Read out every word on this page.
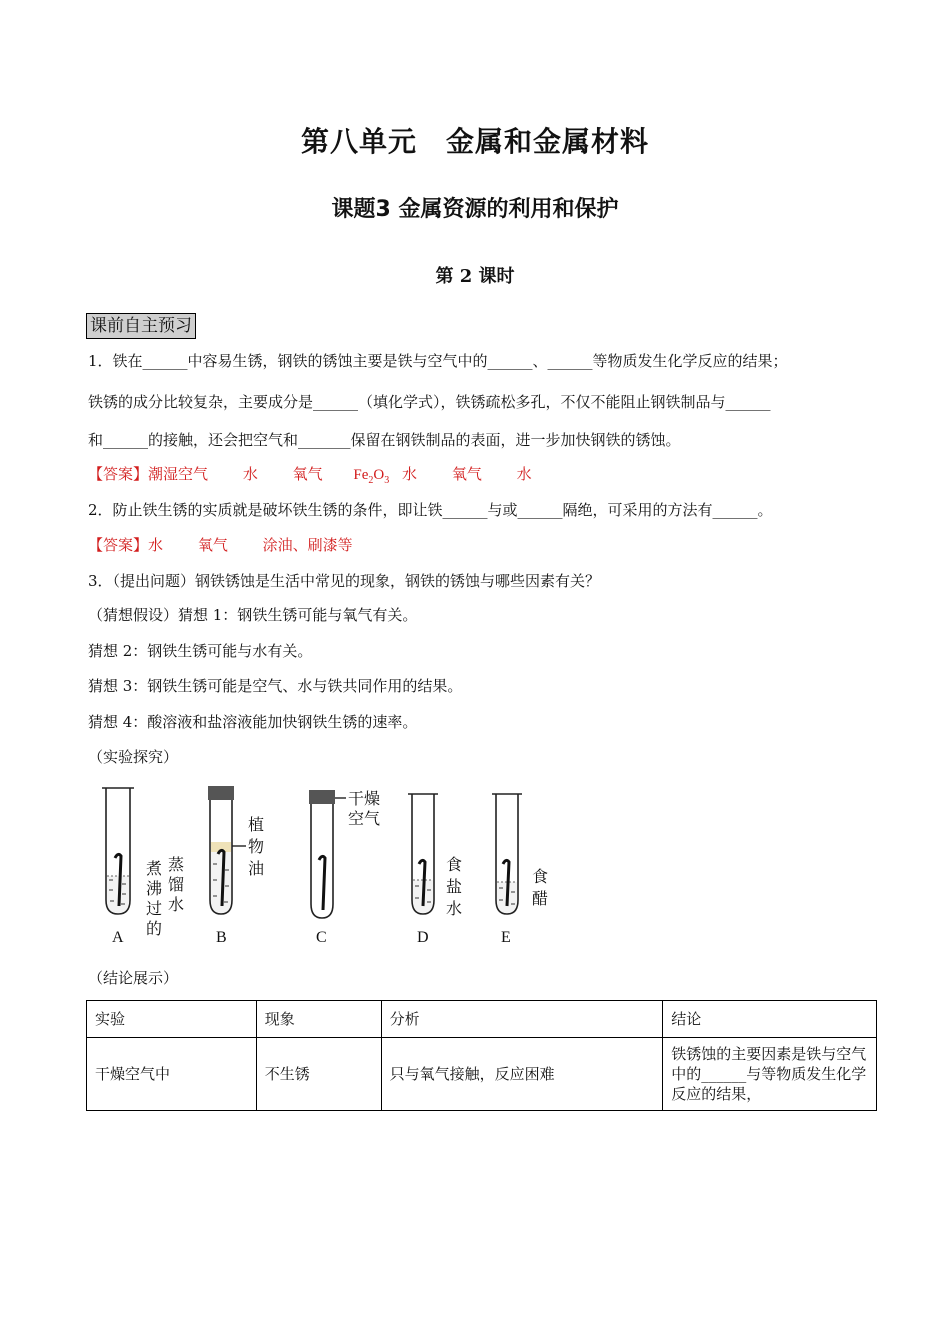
第八单元　金属和金属材料
课题3 金属资源的利用和保护
第 2 课时
课前自主预习
1．铁在______中容易生锈，钢铁的锈蚀主要是铁与空气中的______、______等物质发生化学反应的结果；
铁锈的成分比较复杂，主要成分是______（填化学式），铁锈疏松多孔，不仅不能阻止钢铁制品与______
和______的接触，还会把空气和_______保留在钢铁制品的表面，进一步加快钢铁的锈蚀。
【答案】潮湿空气 水 氧气 $Fe_2O_3$ 水 氧气 水
2．防止铁生锈的实质就是破坏铁生锈的条件，即让铁______与或______隔绝，可采用的方法有______。
【答案】水 氧气 涂油、刷漆等
3．（提出问题）钢铁锈蚀是生活中常见的现象，钢铁的锈蚀与哪些因素有关？
（猜想假设）猜想 1：钢铁生锈可能与氧气有关。
猜想 2：钢铁生锈可能与水有关。
猜想 3：钢铁生锈可能是空气、水与铁共同作用的结果。
猜想 4：酸溶液和盐溶液能加快钢铁生锈的速率。
（实验探究）
煮
沸
过
的
蒸
馏
水
植
物
油
干燥
空气
食
盐
水
食
醋
A	B	C	D	E
（结论展示）
实验	现象	分析	结论
干燥空气中	不生锈	只与氧气接触，反应困难	铁锈蚀的主要因素是铁与空气中的______与等物质发生化学反应的结果，
